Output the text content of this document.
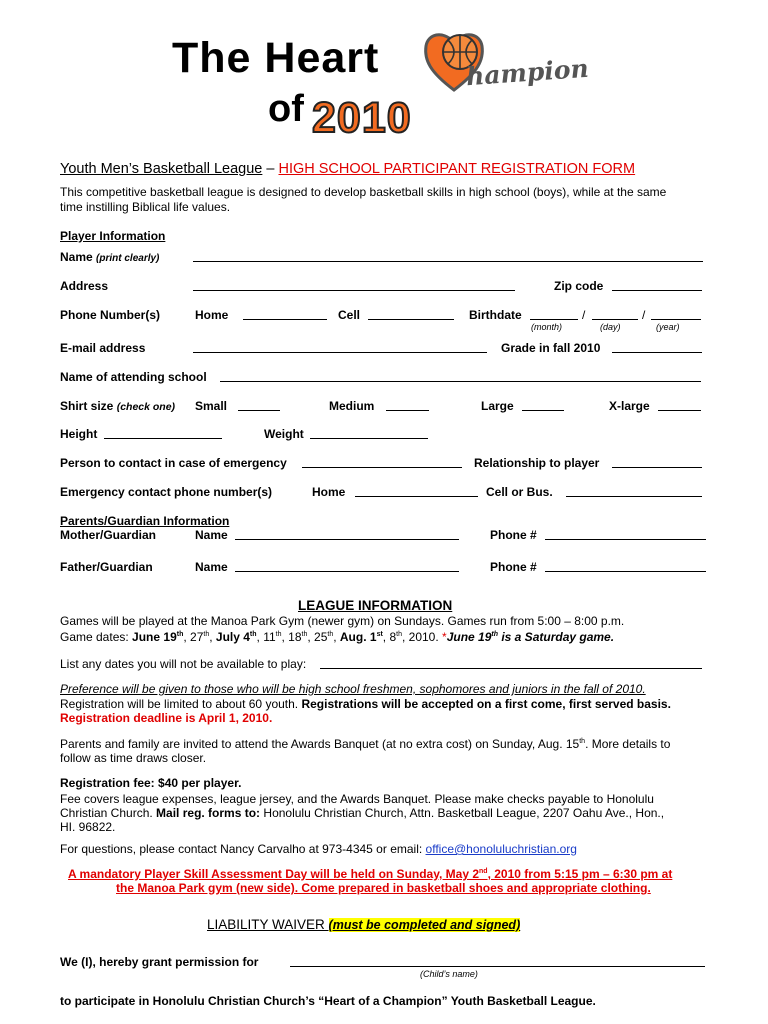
The Heart
of
hampion
2010
Youth Men’s Basketball League – HIGH SCHOOL PARTICIPANT REGISTRATION FORM
This competitive basketball league is designed to develop basketball skills in high school (boys), while at the same
time instilling Biblical life values.
Player Information
Name (print clearly)
Address	Zip code
Phone Number(s)	Home	Cell	Birthdate	/	/
(month)	(day)	(year)
E-mail address	Grade in fall 2010
Name of attending school
Shirt size (check one) Small	Medium	Large	X-large
Height	Weight
Person to contact in case of emergency	Relationship to player
Emergency contact phone number(s)	Home	Cell or Bus.
Parents/Guardian Information
Mother/Guardian	Name	Phone #
Father/Guardian	Name	Phone #
LEAGUE INFORMATION
Games will be played at the Manoa Park Gym (newer gym) on Sundays. Games run from 5:00 – 8:00 p.m.
Game dates: June 19th, 27th, July 4th, 11th, 18th, 25th, Aug. 1st, 8th, 2010. *June 19th is a Saturday game.
List any dates you will not be available to play:
Preference will be given to those who will be high school freshmen, sophomores and juniors in the fall of 2010.
Registration will be limited to about 60 youth. Registrations will be accepted on a first come, first served basis.
Registration deadline is April 1, 2010.
Parents and family are invited to attend the Awards Banquet (at no extra cost) on Sunday, Aug. 15th. More details to
follow as time draws closer.
Registration fee: $40 per player.
Fee covers league expenses, league jersey, and the Awards Banquet. Please make checks payable to Honolulu
Christian Church. Mail reg. forms to: Honolulu Christian Church, Attn. Basketball League, 2207 Oahu Ave., Hon.,
HI. 96822.
For questions, please contact Nancy Carvalho at 973-4345 or email: office@honoluluchristian.org
A mandatory Player Skill Assessment Day will be held on Sunday, May 2nd, 2010 from 5:15 pm – 6:30 pm at
the Manoa Park gym (new side). Come prepared in basketball shoes and appropriate clothing.
LIABILITY WAIVER (must be completed and signed)
We (I), hereby grant permission for
(Child’s name)
to participate in Honolulu Christian Church’s “Heart of a Champion” Youth Basketball League.
